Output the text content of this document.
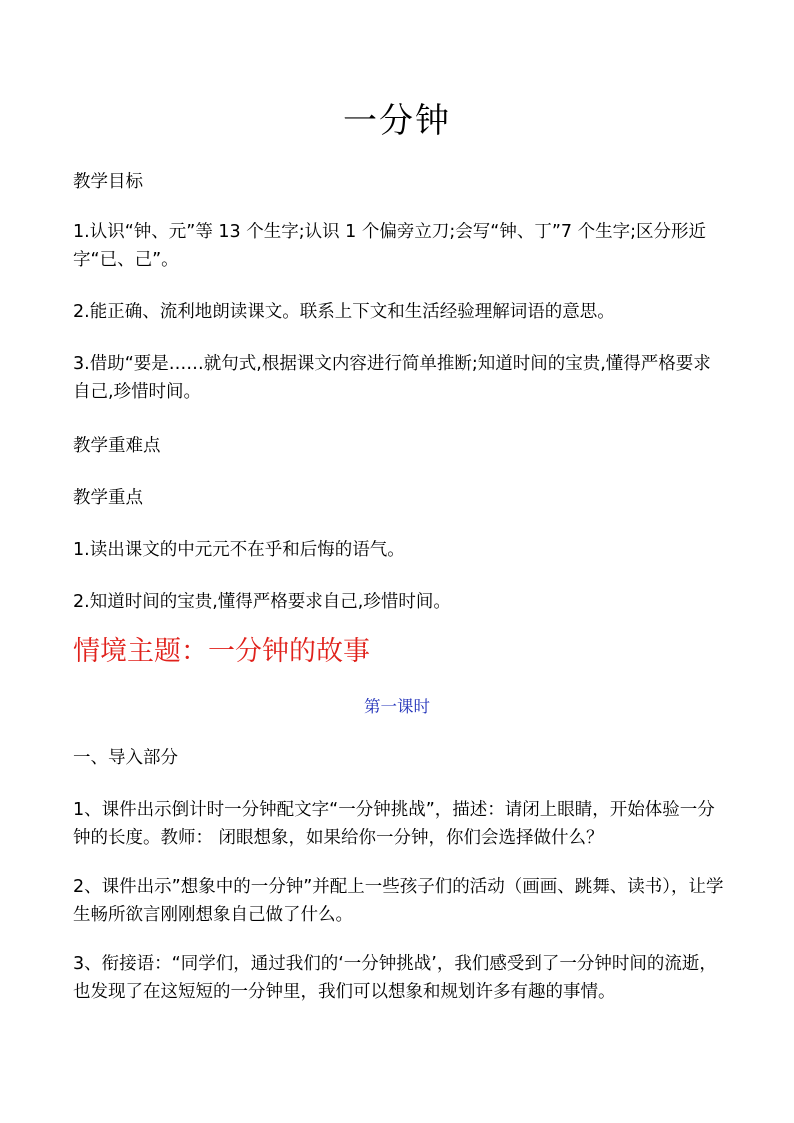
一分钟

教学目标

1.认识“钟、元”等 13 个生字;认识 1 个偏旁立刀;会写“钟、丁”7 个生字;区分形近字“已、己”。

2.能正确、流利地朗读课文。联系上下文和生活经验理解词语的意思。

3.借助“要是……就句式,根据课文内容进行简单推断;知道时间的宝贵,懂得严格要求自己,珍惜时间。

教学重难点

教学重点

1.读出课文的中元元不在乎和后悔的语气。

2.知道时间的宝贵,懂得严格要求自己,珍惜时间。

情境主题：一分钟的故事
第一课时

一、导入部分

1、课件出示倒计时一分钟配文字“一分钟挑战”，描述：请闭上眼睛，开始体验一分钟的长度。教师： 闭眼想象，如果给你一分钟，你们会选择做什么？

2、课件出示”想象中的一分钟”并配上一些孩子们的活动（画画、跳舞、读书），让学生畅所欲言刚刚想象自己做了什么。

3、衔接语：“同学们，通过我们的‘一分钟挑战’，我们感受到了一分钟时间的流逝，也发现了在这短短的一分钟里，我们可以想象和规划许多有趣的事情。
